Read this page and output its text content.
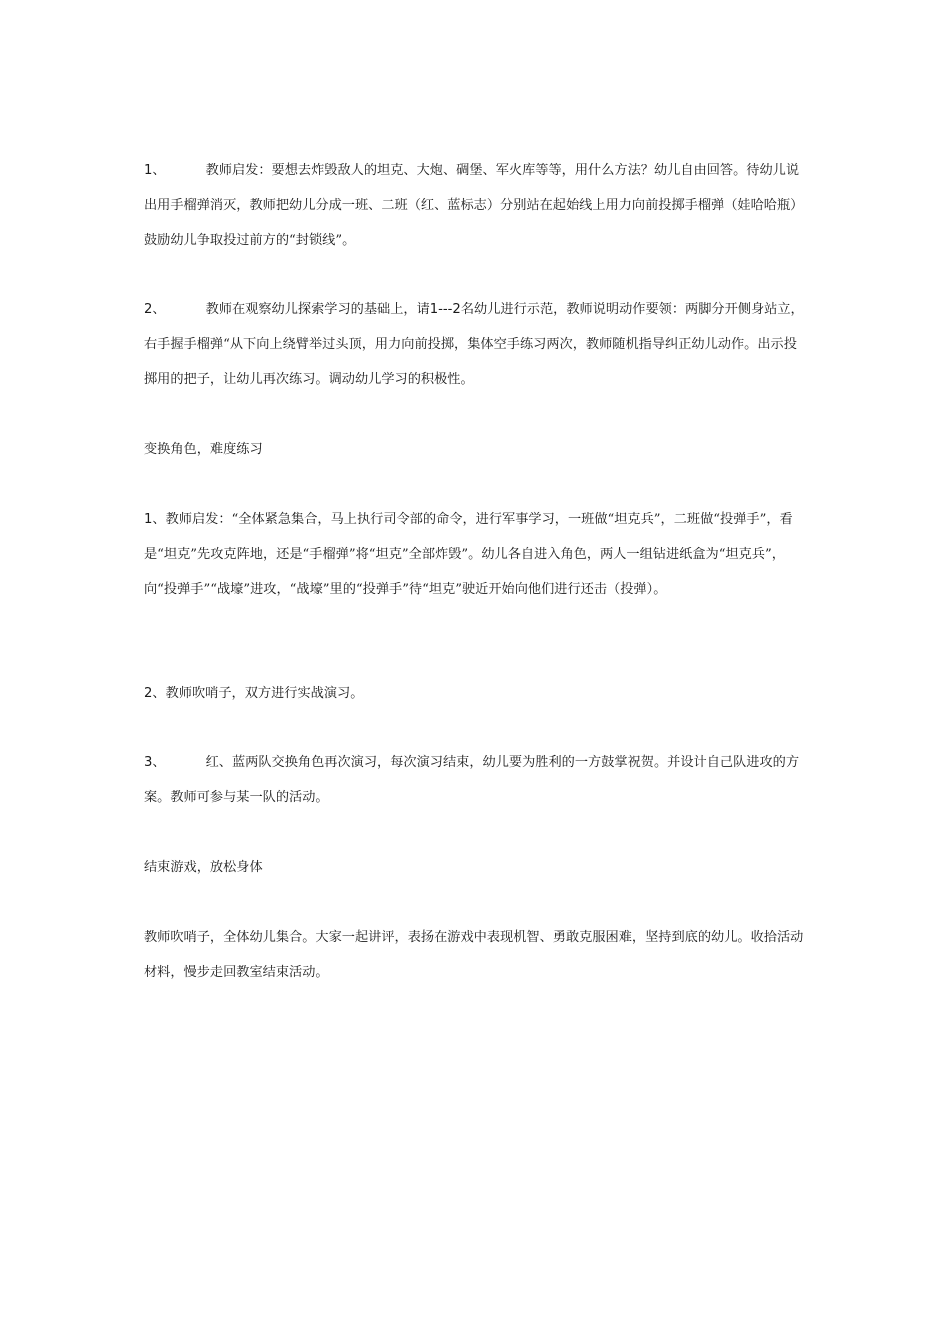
1、	教师启发：要想去炸毁敌人的坦克、大炮、碉堡、军火库等等，用什么方法？幼儿自由回答。待幼儿说出用手榴弹消灭，教师把幼儿分成一班、二班（红、蓝标志）分别站在起始线上用力向前投掷手榴弹（娃哈哈瓶）鼓励幼儿争取投过前方的“封锁线”。

2、	教师在观察幼儿探索学习的基础上，请1---2名幼儿进行示范，教师说明动作要领：两脚分开侧身站立，右手握手榴弹“从下向上绕臂举过头顶，用力向前投掷，集体空手练习两次，教师随机指导纠正幼儿动作。出示投掷用的把子，让幼儿再次练习。调动幼儿学习的积极性。

变换角色，难度练习

1、教师启发：“全体紧急集合，马上执行司令部的命令，进行军事学习，一班做“坦克兵”，二班做“投弹手”，看是“坦克”先攻克阵地，还是“手榴弹”将“坦克”全部炸毁”。幼儿各自进入角色，两人一组钻进纸盒为“坦克兵”，向“投弹手”“战壕”进攻，“战壕”里的“投弹手”待“坦克”驶近开始向他们进行还击（投弹）。

2、教师吹哨子，双方进行实战演习。

3、	红、蓝两队交换角色再次演习，每次演习结束，幼儿要为胜利的一方鼓掌祝贺。并设计自己队进攻的方案。教师可参与某一队的活动。

结束游戏，放松身体

教师吹哨子，全体幼儿集合。大家一起讲评，表扬在游戏中表现机智、勇敢克服困难，坚持到底的幼儿。收拾活动材料，慢步走回教室结束活动。
